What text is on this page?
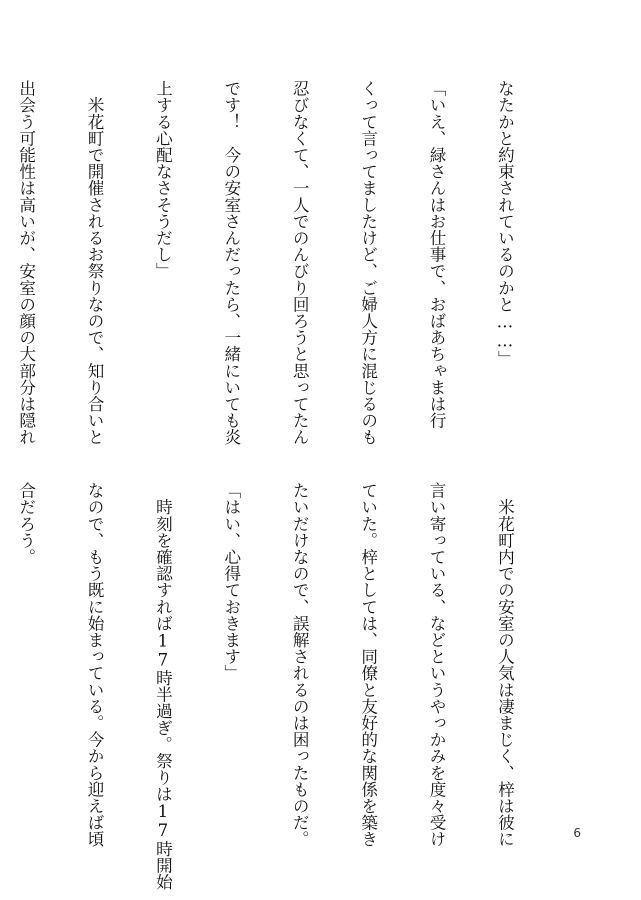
なたかと約束されているのかと……」

「いえ、緑さんはお仕事で、おばあちゃまは行

くって言ってましたけど、ご婦人方に混じるのも

忍びなくて、一人でのんびり回ろうと思ってたん

です！　今の安室さんだったら、一緒にいても炎

上する心配なさそうだし」

　米花町で開催されるお祭りなので、知り合いと

出会う可能性は高いが、安室の顔の大部分は隠れ

　米花町内での安室の人気は凄まじく、梓は彼に

言い寄っている、などというやっかみを度々受け

ていた。梓としては、同僚と友好的な関係を築き

たいだけなので、誤解されるのは困ったものだ。

「はい、心得ておきます」

　時刻を確認すれば17時半過ぎ。祭りは17時開始

なので、もう既に始まっている。今から迎えば頃

合だろう。

6
